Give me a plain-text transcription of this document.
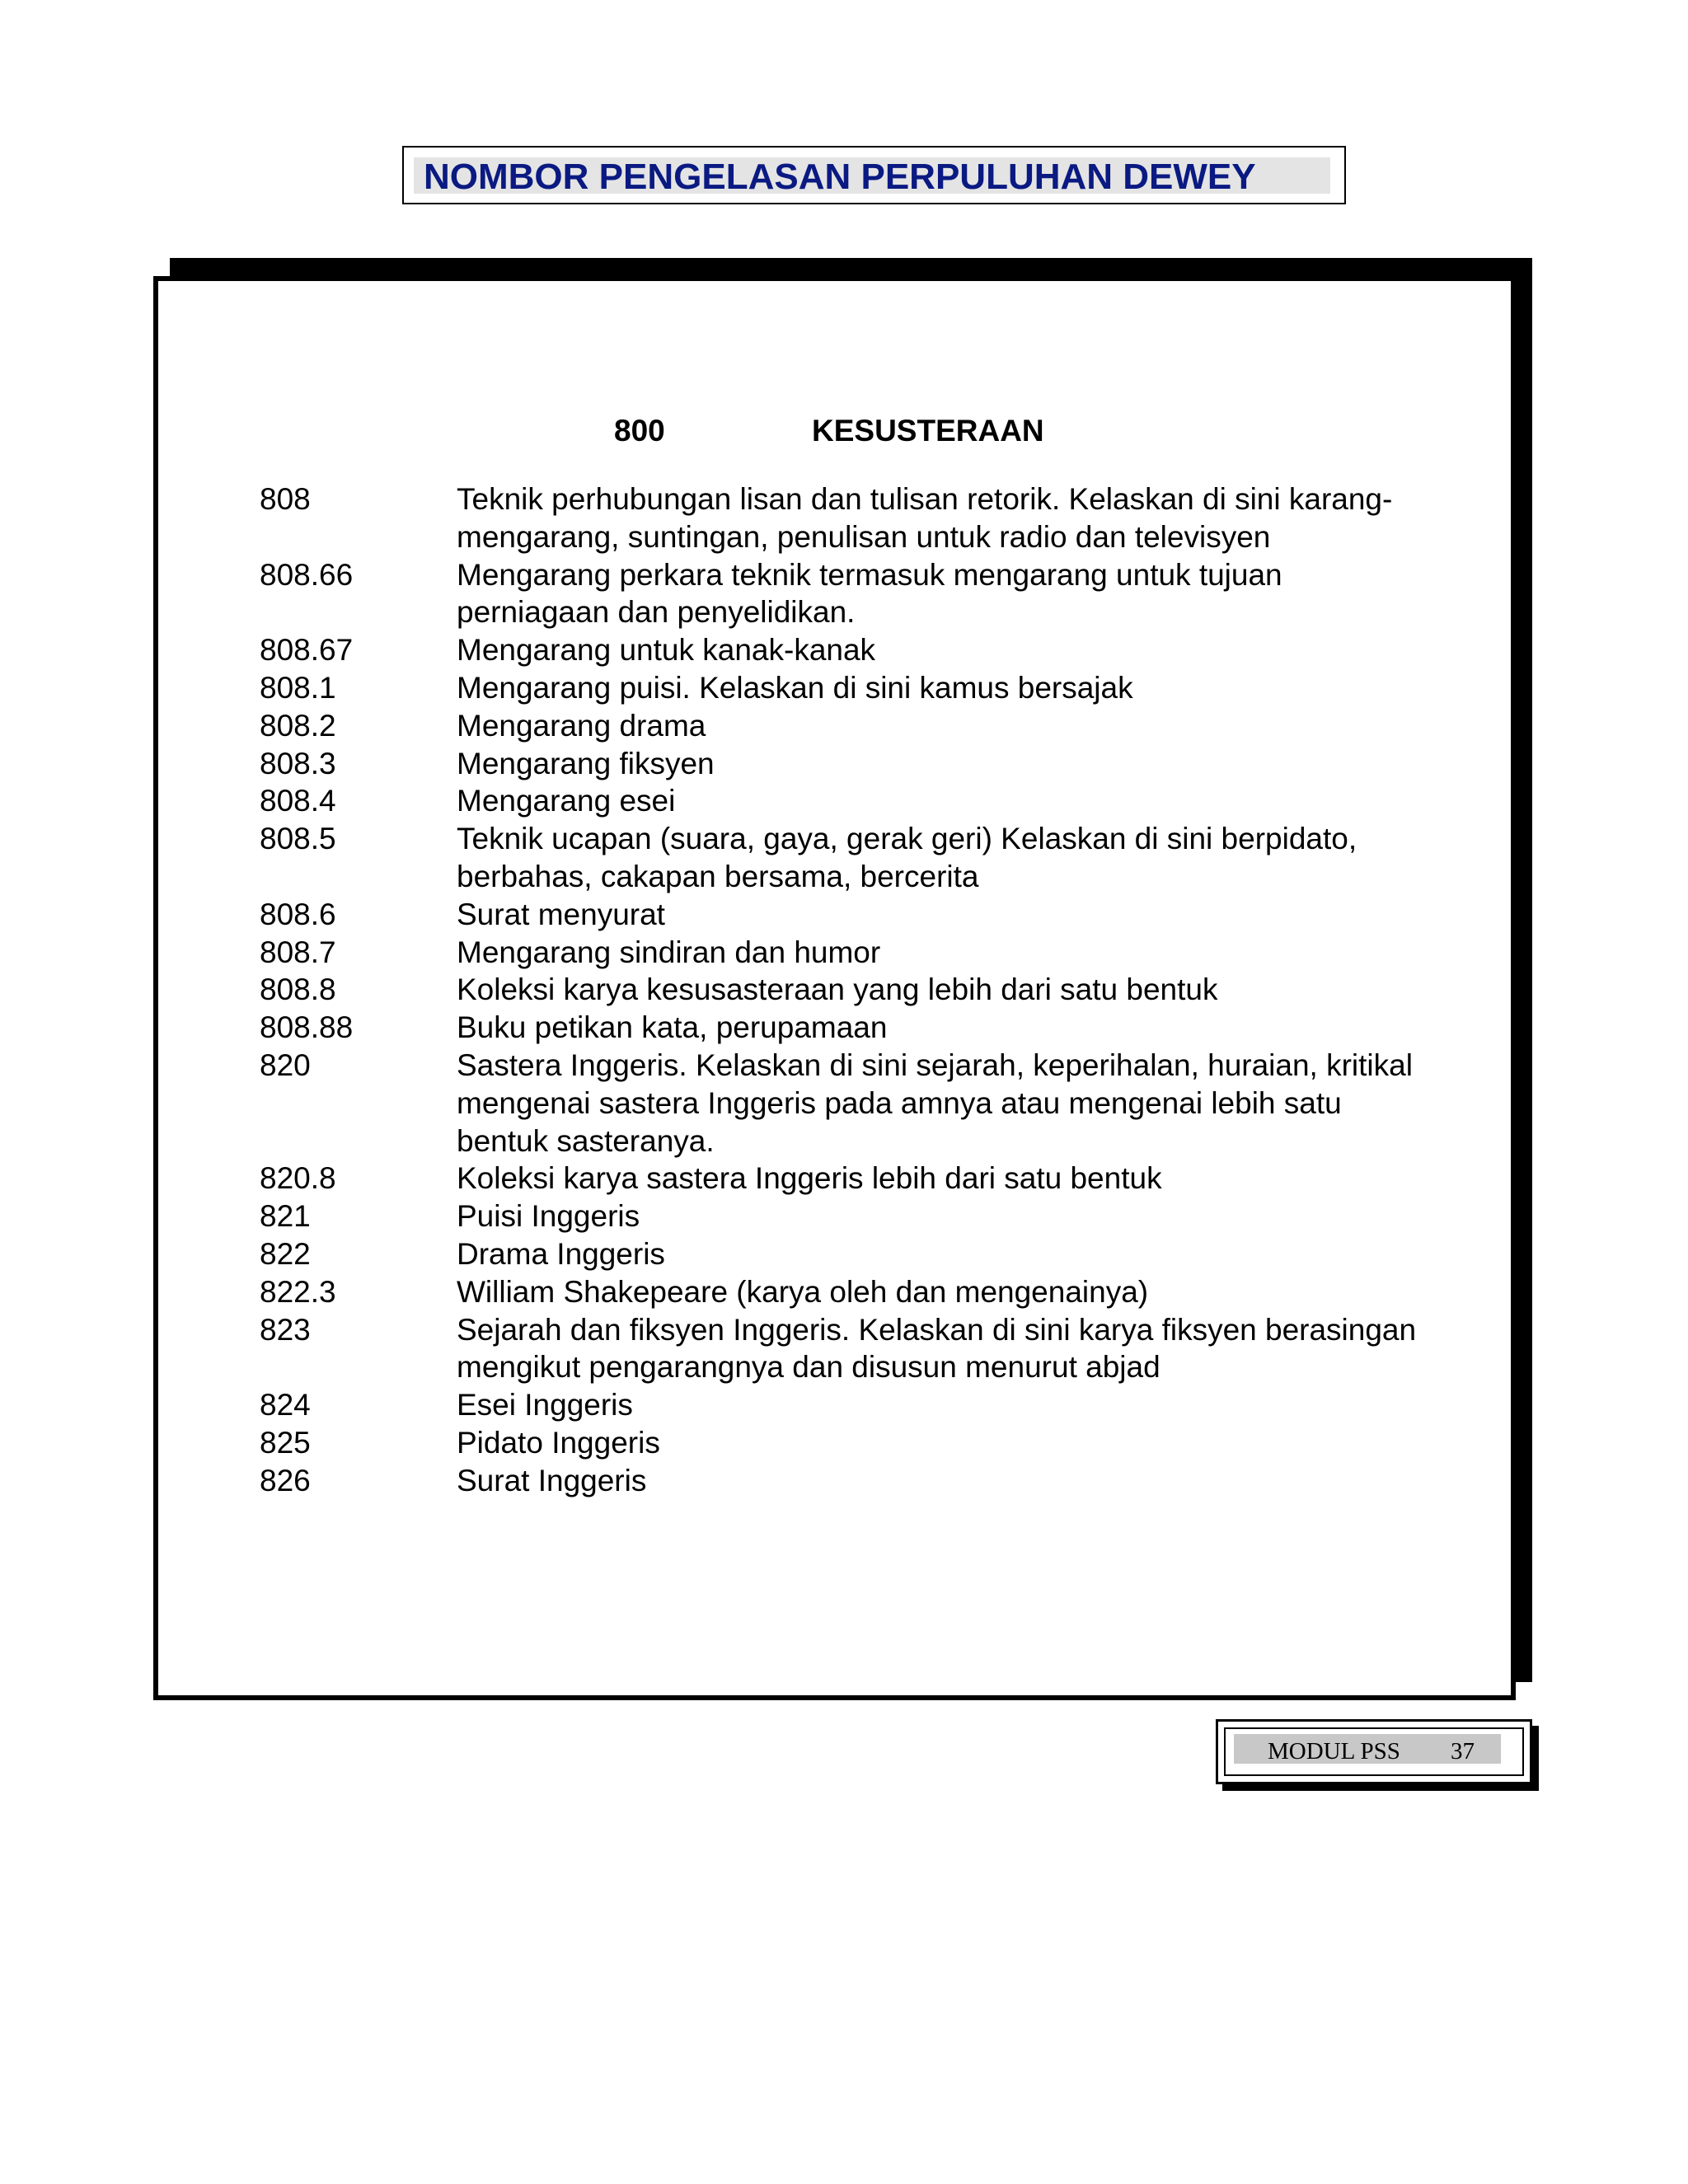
NOMBOR PENGELASAN PERPULUHAN DEWEY
800	KESUSTERAAN
808	Teknik perhubungan lisan dan tulisan retorik. Kelaskan di sini karang- mengarang, suntingan, penulisan untuk radio dan televisyen
808.66	Mengarang perkara teknik termasuk mengarang untuk tujuan perniagaan dan penyelidikan.
808.67	Mengarang untuk kanak-kanak
808.1	Mengarang puisi. Kelaskan di sini kamus bersajak
808.2	Mengarang drama
808.3	Mengarang fiksyen
808.4	Mengarang esei
808.5	Teknik ucapan (suara, gaya, gerak geri) Kelaskan di sini berpidato, berbahas, cakapan bersama, bercerita
808.6	Surat menyurat
808.7	Mengarang sindiran dan humor
808.8	Koleksi karya kesusasteraan yang lebih dari satu bentuk
808.88	Buku petikan kata, perupamaan
820	Sastera Inggeris. Kelaskan di sini sejarah, keperihalan, huraian, kritikal mengenai sastera Inggeris pada amnya atau mengenai lebih satu bentuk sasteranya.
820.8	Koleksi karya sastera Inggeris lebih dari satu bentuk
821	Puisi Inggeris
822	Drama Inggeris
822.3	William Shakepeare (karya oleh dan mengenainya)
823	Sejarah dan fiksyen Inggeris. Kelaskan di sini karya fiksyen berasingan mengikut pengarangnya dan disusun menurut abjad
824	Esei Inggeris
825	Pidato Inggeris
826	Surat Inggeris
MODUL PSS 37
